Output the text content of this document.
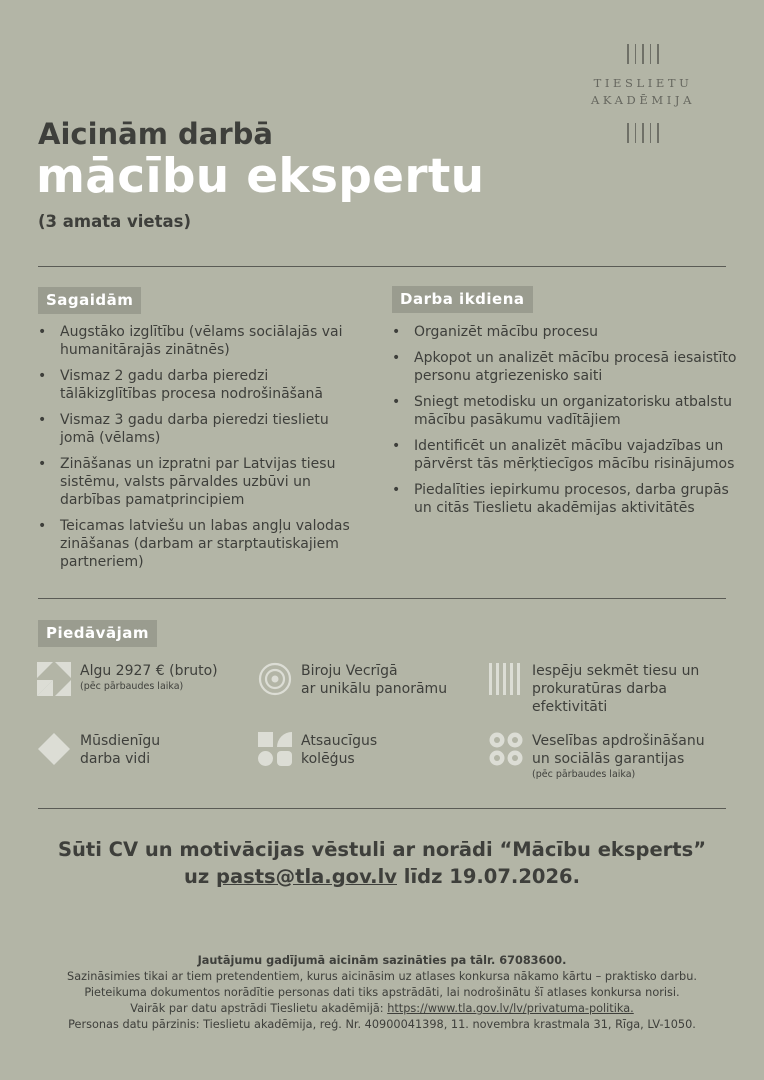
TIESLIETU
AKADĒMIJA
Aicinām darbā
mācību ekspertu
(3 amata vietas)
Sagaidām
• Augstāko izglītību (vēlams sociālajās vai humanitārajās zinātnēs)
• Vismaz 2 gadu darba pieredzi tālākizglītības procesa nodrošināšanā
• Vismaz 3 gadu darba pieredzi tieslietu jomā (vēlams)
• Zināšanas un izpratni par Latvijas tiesu sistēmu, valsts pārvaldes uzbūvi un darbības pamatprincipiem
• Teicamas latviešu un labas angļu valodas zināšanas (darbam ar starptautiskajiem partneriem)
Darba ikdiena
• Organizēt mācību procesu
• Apkopot un analizēt mācību procesā iesaistīto personu atgriezenisko saiti
• Sniegt metodisku un organizatorisku atbalstu mācību pasākumu vadītājiem
• Identificēt un analizēt mācību vajadzības un pārvērst tās mērķtiecīgos mācību risinājumos
• Piedalīties iepirkumu procesos, darba grupās un citās Tieslietu akadēmijas aktivitātēs
Piedāvājam
Algu 2927 € (bruto)
(pēc pārbaudes laika)
Biroju Vecrīgā
ar unikālu panorāmu
Iespēju sekmēt tiesu un
prokuratūras darba
efektivitāti
Mūsdienīgu
darba vidi
Atsaucīgus
kolēģus
Veselības apdrošināšanu
un sociālās garantijas
(pēc pārbaudes laika)
Sūti CV un motivācijas vēstuli ar norādi “Mācību eksperts”
uz pasts@tla.gov.lv līdz 19.07.2026.
Jautājumu gadījumā aicinām sazināties pa tālr. 67083600.
Sazināsimies tikai ar tiem pretendentiem, kurus aicināsim uz atlases konkursa nākamo kārtu – praktisko darbu.
Pieteikuma dokumentos norādītie personas dati tiks apstrādāti, lai nodrošinātu šī atlases konkursa norisi.
Vairāk par datu apstrādi Tieslietu akadēmijā: https://www.tla.gov.lv/lv/privatuma-politika.
Personas datu pārzinis: Tieslietu akadēmija, reģ. Nr. 40900041398, 11. novembra krastmala 31, Rīga, LV-1050.
